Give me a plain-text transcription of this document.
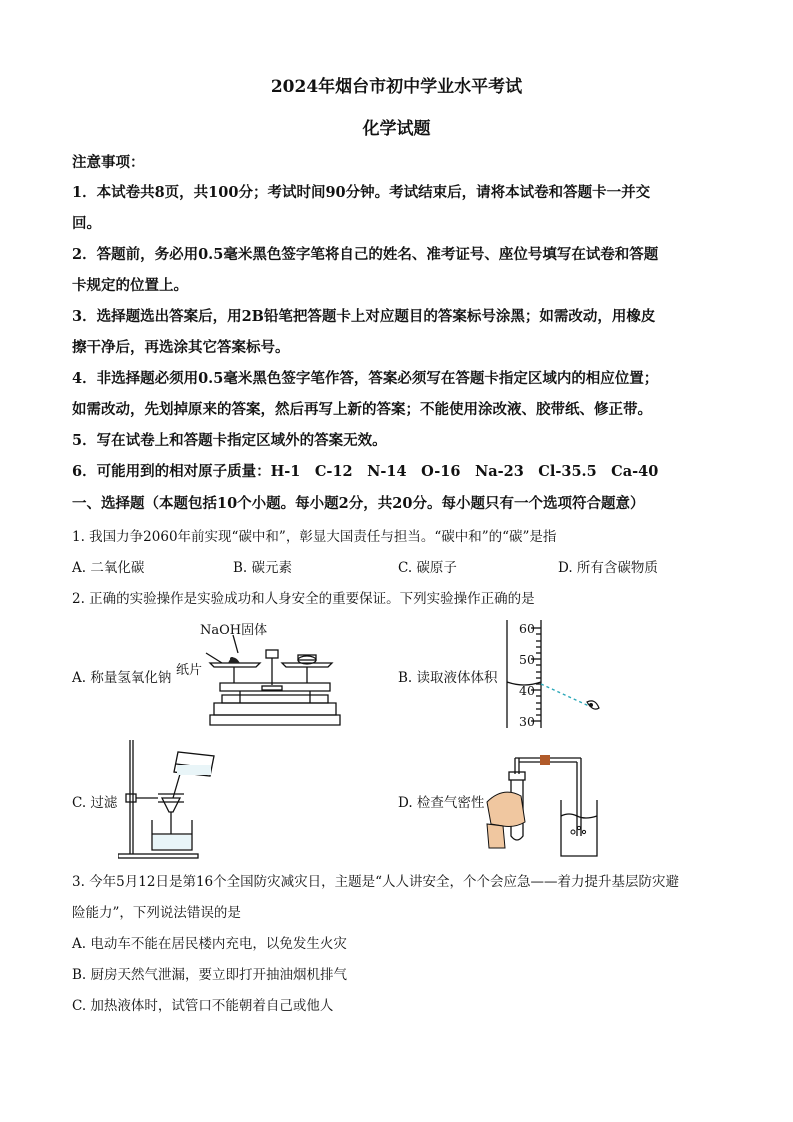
2024年烟台市初中学业水平考试
化学试题
注意事项：
1．本试卷共8页，共100分；考试时间90分钟。考试结束后，请将本试卷和答题卡一并交
回。
2．答题前，务必用0.5毫米黑色签字笔将自己的姓名、准考证号、座位号填写在试卷和答题
卡规定的位置上。
3．选择题选出答案后，用2B铅笔把答题卡上对应题目的答案标号涂黑；如需改动，用橡皮
擦干净后，再选涂其它答案标号。
4．非选择题必须用0.5毫米黑色签字笔作答，答案必须写在答题卡指定区域内的相应位置；
如需改动，先划掉原来的答案，然后再写上新的答案；不能使用涂改液、胶带纸、修正带。
5．写在试卷上和答题卡指定区域外的答案无效。
6．可能用到的相对原子质量：H-1　C-12　N-14　O-16　Na-23　Cl-35.5　Ca-40
一、选择题（本题包括10个小题。每小题2分，共20分。每小题只有一个选项符合题意）
1. 我国力争2060年前实现“碳中和”，彰显大国责任与担当。“碳中和”的“碳”是指
A. 二氧化碳	B. 碳元素	C. 碳原子	D. 所有含碳物质
2. 正确的实验操作是实验成功和人身安全的重要保证。下列实验操作正确的是
A. 称量氢氧化钠
NaOH固体
纸片	B. 读取液体体积
60
50
40
30
C. 过滤	D. 检查气密性
3. 今年5月12日是第16个全国防灾减灾日，主题是“人人讲安全，个个会应急——着力提升基层防灾避
险能力”，下列说法错误的是
A. 电动车不能在居民楼内充电，以免发生火灾
B. 厨房天然气泄漏，要立即打开抽油烟机排气
C. 加热液体时，试管口不能朝着自己或他人
